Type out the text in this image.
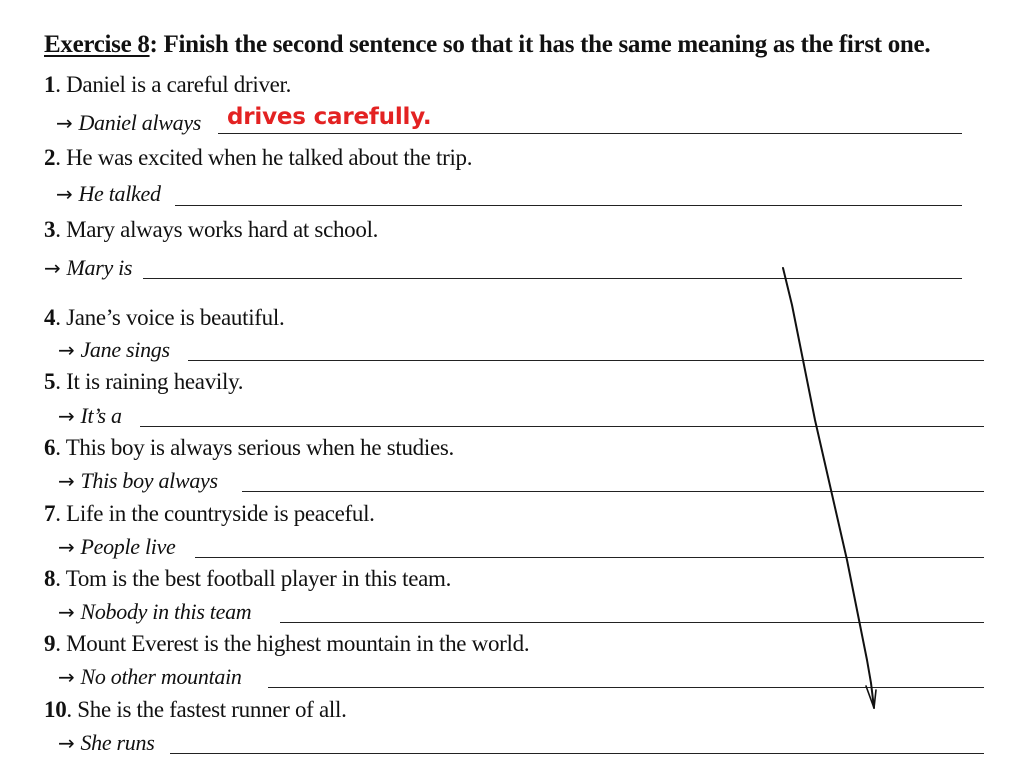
Exercise 8: Finish the second sentence so that it has the same meaning as the first one.
1. Daniel is a careful driver.
→ Daniel always drives carefully.
2. He was excited when he talked about the trip.
→ He talked
3. Mary always works hard at school.
→ Mary is
4. Jane’s voice is beautiful.
→ Jane sings
5. It is raining heavily.
→ It’s a
6. This boy is always serious when he studies.
→ This boy always
7. Life in the countryside is peaceful.
→ People live
8. Tom is the best football player in this team.
→ Nobody in this team
9. Mount Everest is the highest mountain in the world.
→ No other mountain
10. She is the fastest runner of all.
→ She runs
